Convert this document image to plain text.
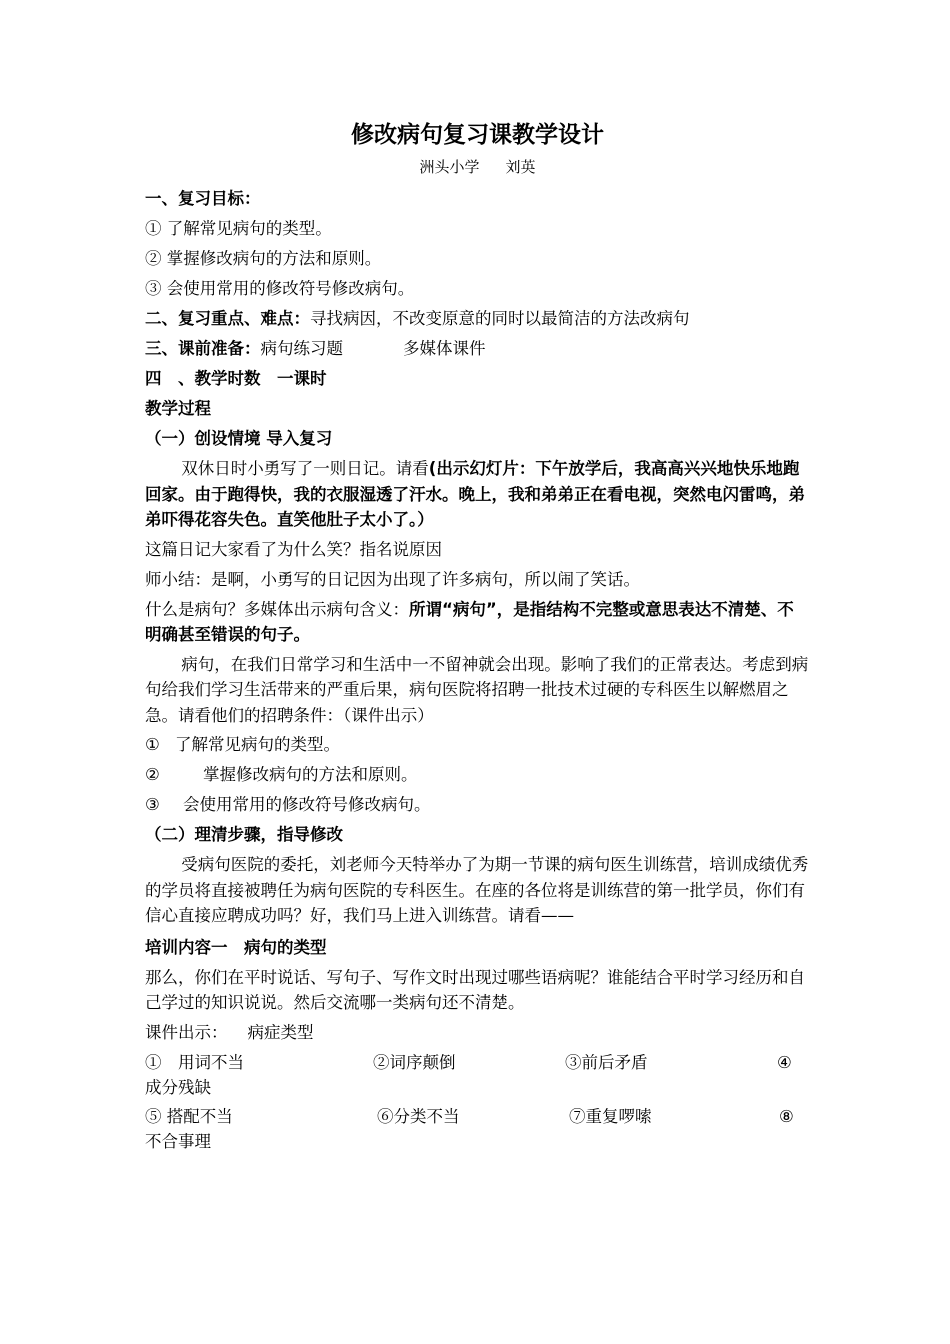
修改病句复习课教学设计
洲头小学 刘英
一、复习目标：
① 了解常见病句的类型。
② 掌握修改病句的方法和原则。
③ 会使用常用的修改符号修改病句。
二、复习重点、难点：寻找病因，不改变原意的同时以最简洁的方法改病句
三、课前准备：病句练习题	多媒体课件
四　、教学时数　一课时
教学过程
（一）创设情境 导入复习
双休日时小勇写了一则日记。请看(出示幻灯片：下午放学后，我高高兴兴地快乐地跑回家。由于跑得快，我的衣服湿透了汗水。晚上，我和弟弟正在看电视，突然电闪雷鸣，弟弟吓得花容失色。直笑他肚子太小了。）
这篇日记大家看了为什么笑？指名说原因
师小结：是啊，小勇写的日记因为出现了许多病句，所以闹了笑话。
什么是病句？多媒体出示病句含义：所谓“病句”，是指结构不完整或意思表达不清楚、不明确甚至错误的句子。
病句，在我们日常学习和生活中一不留神就会出现。影响了我们的正常表达。考虑到病句给我们学习生活带来的严重后果，病句医院将招聘一批技术过硬的专科医生以解燃眉之急。请看他们的招聘条件：（课件出示）
① 了解常见病句的类型。
②	掌握修改病句的方法和原则。
③ 会使用常用的修改符号修改病句。
（二）理清步骤，指导修改
受病句医院的委托，刘老师今天特举办了为期一节课的病句医生训练营，培训成绩优秀的学员将直接被聘任为病句医院的专科医生。在座的各位将是训练营的第一批学员，你们有信心直接应聘成功吗？好，我们马上进入训练营。请看——
培训内容一　病句的类型
那么，你们在平时说话、写句子、写作文时出现过哪些语病呢？谁能结合平时学习经历和自己学过的知识说说。然后交流哪一类病句还不清楚。
课件出示： 病症类型
①　用词不当	②词序颠倒	③前后矛盾	④
成分残缺
⑤ 搭配不当	⑥分类不当	⑦重复啰嗦	⑧
不合事理
